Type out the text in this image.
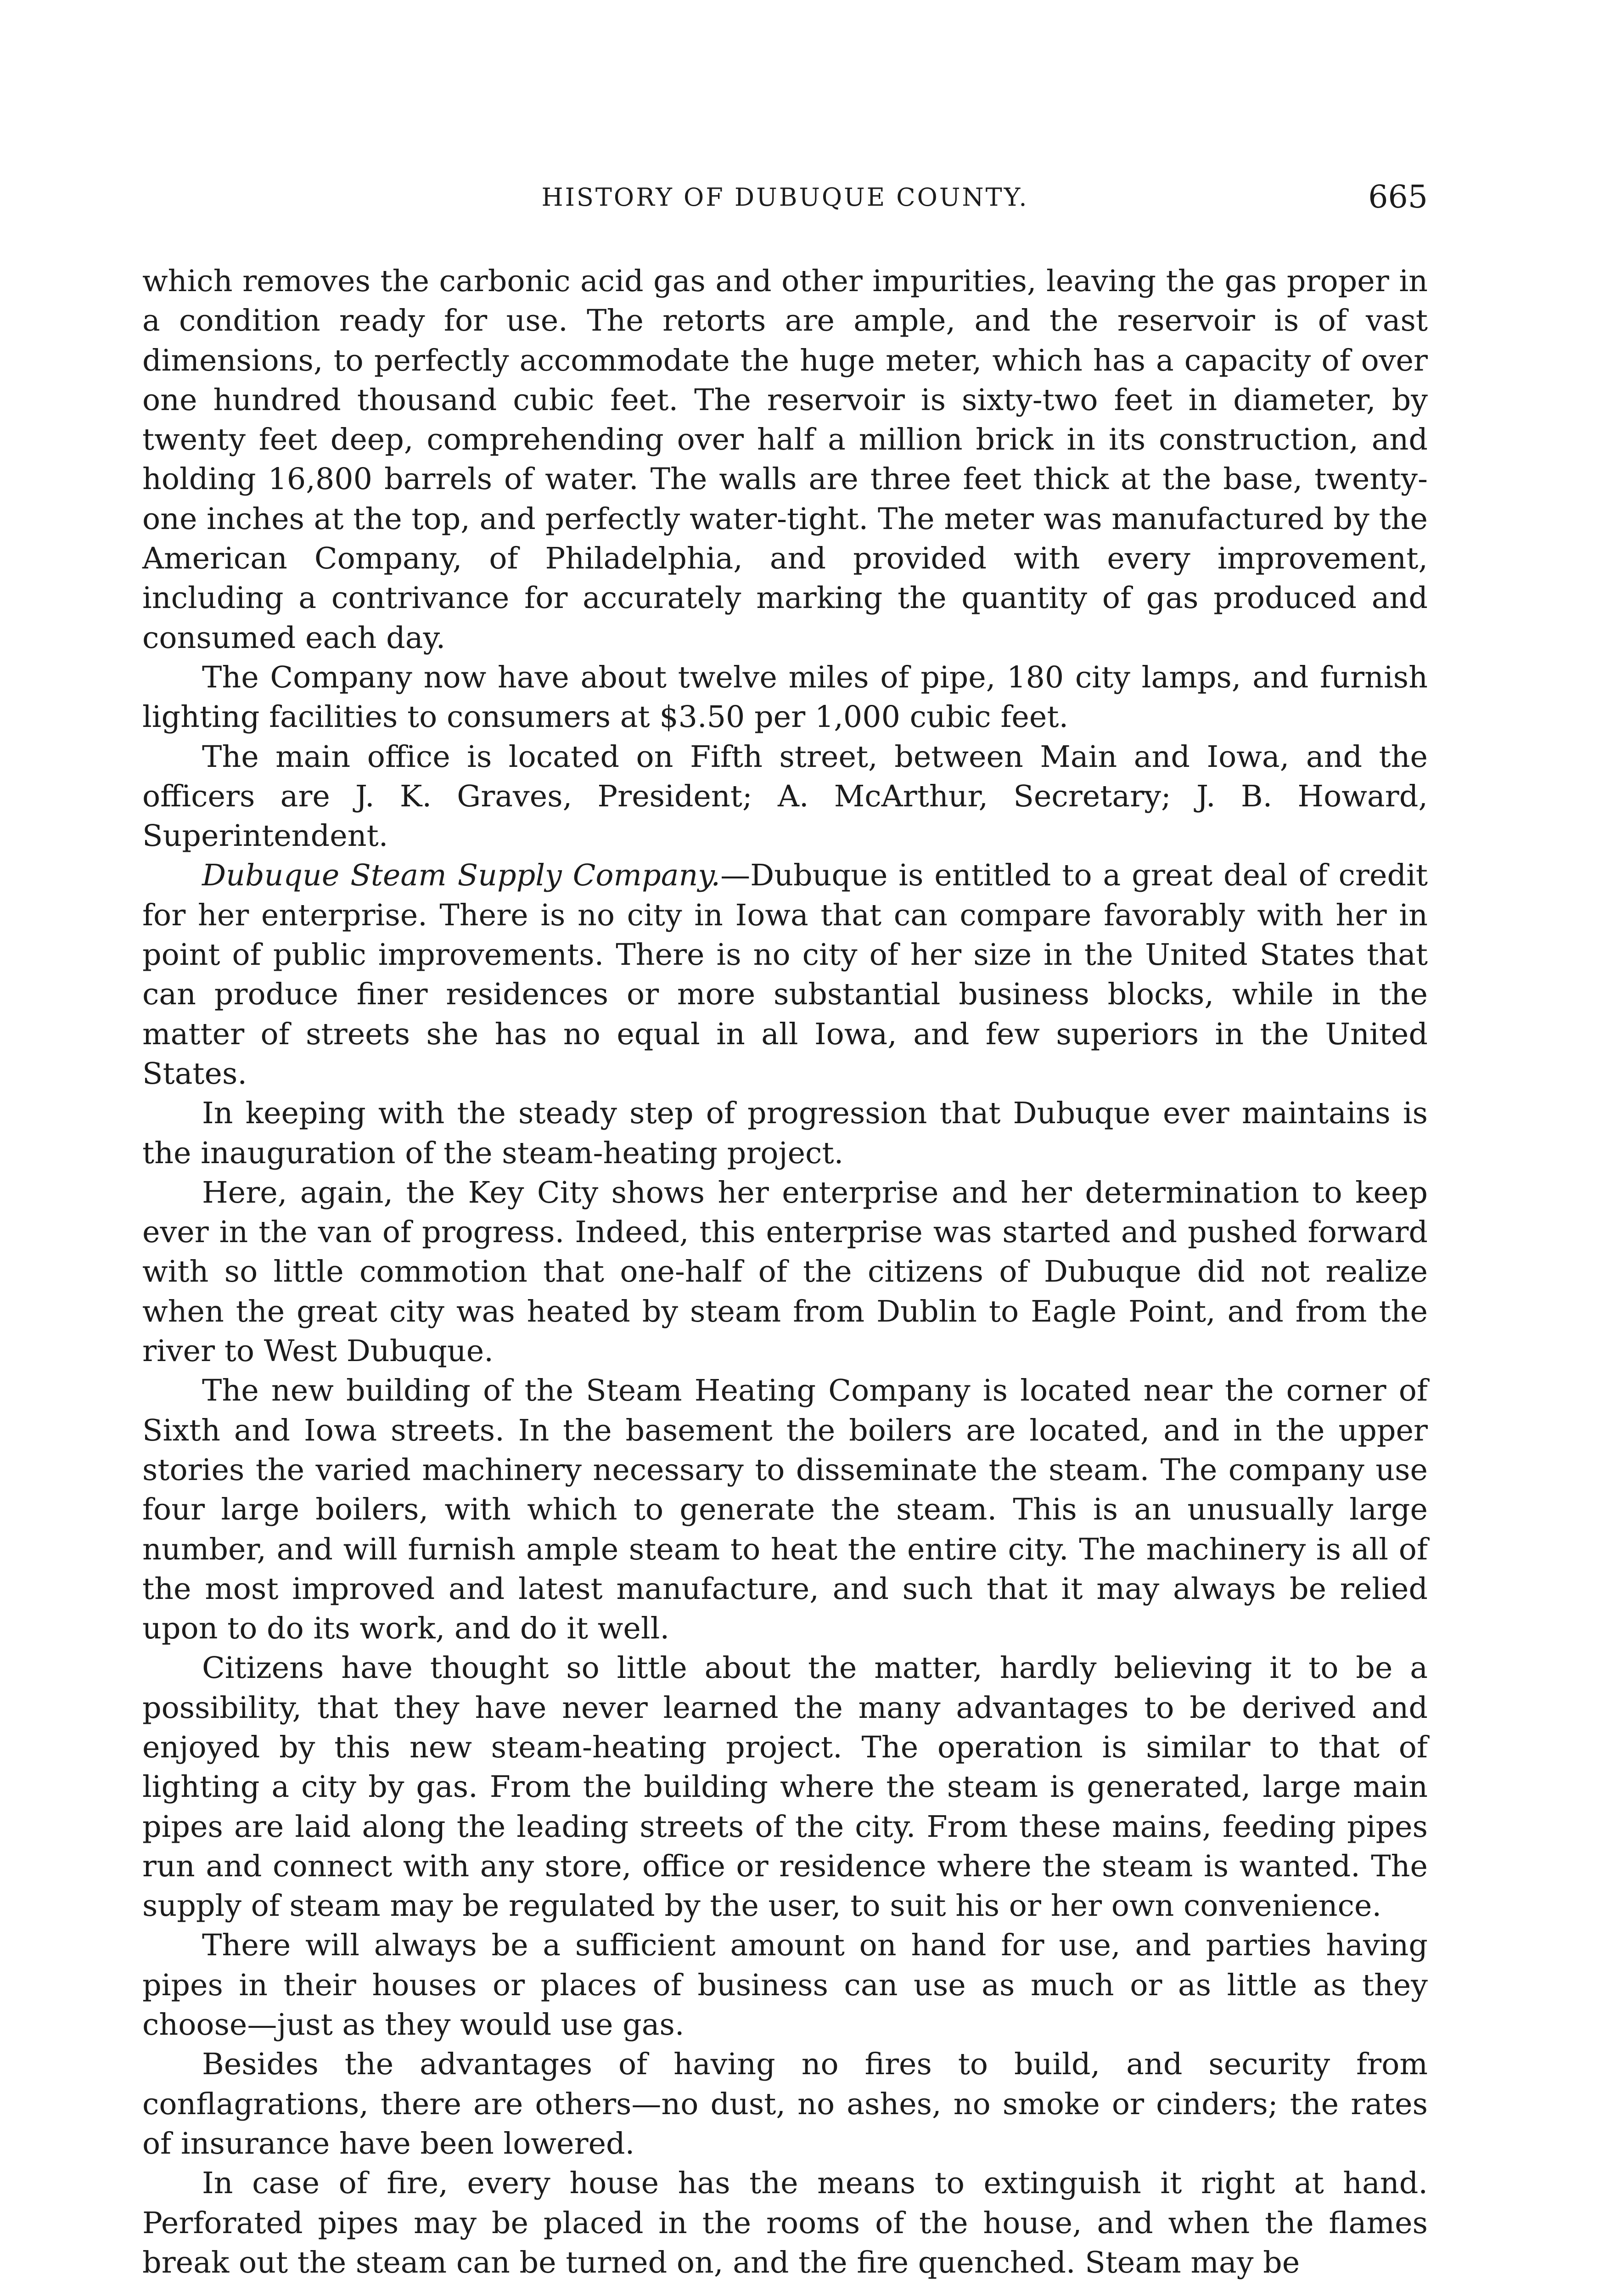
HISTORY OF DUBUQUE COUNTY.	665

which removes the carbonic acid gas and other impurities, leaving the gas proper in a condition ready for use. The retorts are ample, and the reservoir is of vast dimensions, to perfectly accommodate the huge meter, which has a capacity of over one hundred thousand cubic feet. The reservoir is sixty-two feet in diameter, by twenty feet deep, comprehending over half a million brick in its construction, and holding 16,800 barrels of water. The walls are three feet thick at the base, twenty-one inches at the top, and perfectly water-tight. The meter was manufactured by the American Company, of Philadelphia, and provided with every improvement, including a contrivance for accurately marking the quantity of gas produced and consumed each day.

The Company now have about twelve miles of pipe, 180 city lamps, and furnish lighting facilities to consumers at $3.50 per 1,000 cubic feet.

The main office is located on Fifth street, between Main and Iowa, and the officers are J. K. Graves, President; A. McArthur, Secretary; J. B. Howard, Superintendent.

Dubuque Steam Supply Company.—Dubuque is entitled to a great deal of credit for her enterprise. There is no city in Iowa that can compare favorably with her in point of public improvements. There is no city of her size in the United States that can produce finer residences or more substantial business blocks, while in the matter of streets she has no equal in all Iowa, and few superiors in the United States.

In keeping with the steady step of progression that Dubuque ever maintains is the inauguration of the steam-heating project.

Here, again, the Key City shows her enterprise and her determination to keep ever in the van of progress. Indeed, this enterprise was started and pushed forward with so little commotion that one-half of the citizens of Dubuque did not realize when the great city was heated by steam from Dublin to Eagle Point, and from the river to West Dubuque.

The new building of the Steam Heating Company is located near the corner of Sixth and Iowa streets. In the basement the boilers are located, and in the upper stories the varied machinery necessary to disseminate the steam. The company use four large boilers, with which to generate the steam. This is an unusually large number, and will furnish ample steam to heat the entire city. The machinery is all of the most improved and latest manufacture, and such that it may always be relied upon to do its work, and do it well.

Citizens have thought so little about the matter, hardly believing it to be a possibility, that they have never learned the many advantages to be derived and enjoyed by this new steam-heating project. The operation is similar to that of lighting a city by gas. From the building where the steam is generated, large main pipes are laid along the leading streets of the city. From these mains, feeding pipes run and connect with any store, office or residence where the steam is wanted. The supply of steam may be regulated by the user, to suit his or her own convenience.

There will always be a sufficient amount on hand for use, and parties having pipes in their houses or places of business can use as much or as little as they choose—just as they would use gas.

Besides the advantages of having no fires to build, and security from conflagrations, there are others—no dust, no ashes, no smoke or cinders; the rates of insurance have been lowered.

In case of fire, every house has the means to extinguish it right at hand. Perforated pipes may be placed in the rooms of the house, and when the flames break out the steam can be turned on, and the fire quenched. Steam may be
